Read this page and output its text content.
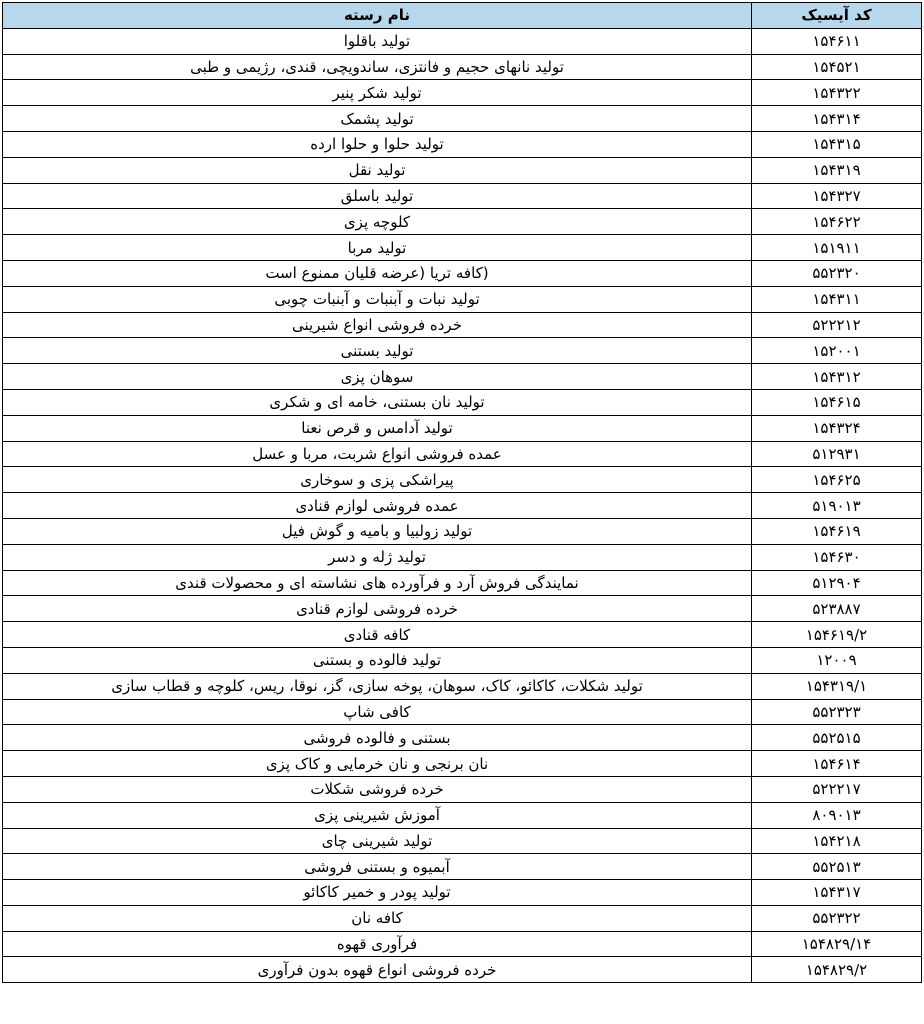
کد آیسیک	نام رسته
۱۵۴۶۱۱	تولید باقلوا
۱۵۴۵۲۱	تولید نانهای حجیم و فانتزی، ساندویچی، قندی، رژیمی و طبی
۱۵۴۳۲۲	تولید شکر پنیر
۱۵۴۳۱۴	تولید پشمک
۱۵۴۳۱۵	تولید حلوا و حلوا ارده
۱۵۴۳۱۹	تولید نقل
۱۵۴۳۲۷	تولید باسلق
۱۵۴۶۲۲	کلوچه پزی
۱۵۱۹۱۱	تولید مربا
۵۵۲۳۲۰	(کافه تریا (عرضه قلیان ممنوع است
۱۵۴۳۱۱	تولید نبات و آبنبات و آبنبات چوبی
۵۲۲۲۱۲	خرده فروشی انواع شیرینی
۱۵۲۰۰۱	تولید بستنی
۱۵۴۳۱۲	سوهان پزی
۱۵۴۶۱۵	تولید نان بستنی، خامه ای و شکری
۱۵۴۳۲۴	تولید آدامس و قرص نعنا
۵۱۲۹۳۱	عمده فروشی انواع شربت، مربا و عسل
۱۵۴۶۲۵	پیراشکی پزی و سوخاری
۵۱۹۰۱۳	عمده فروشی لوازم قنادی
۱۵۴۶۱۹	تولید زولبیا و بامیه و گوش فیل
۱۵۴۶۳۰	تولید ژله و دسر
۵۱۲۹۰۴	نمایندگی فروش آرد و فرآورده های نشاسته ای و محصولات قندی
۵۲۳۸۸۷	خرده فروشی لوازم قنادی
۱۵۴۶۱۹/۲	کافه قنادی
۱۲۰۰۹	تولید فالوده و بستنی
۱۵۴۳۱۹/۱	تولید شکلات، کاکائو، کاک، سوهان، پوخه سازی، گز، نوقا، ریس، کلوچه و قطاب سازی
۵۵۲۳۲۳	کافی شاپ
۵۵۲۵۱۵	بستنی و فالوده فروشی
۱۵۴۶۱۴	نان برنجی و نان خرمایی و کاک پزی
۵۲۲۲۱۷	خرده فروشی شکلات
۸۰۹۰۱۳	آموزش شیرینی پزی
۱۵۴۲۱۸	تولید شیرینی چای
۵۵۲۵۱۳	آبمیوه و بستنی فروشی
۱۵۴۳۱۷	تولید پودر و خمیر کاکائو
۵۵۲۳۲۲	کافه نان
۱۵۴۸۲۹/۱۴	فرآوری قهوه
۱۵۴۸۲۹/۲	خرده فروشی انواع قهوه بدون فرآوری
